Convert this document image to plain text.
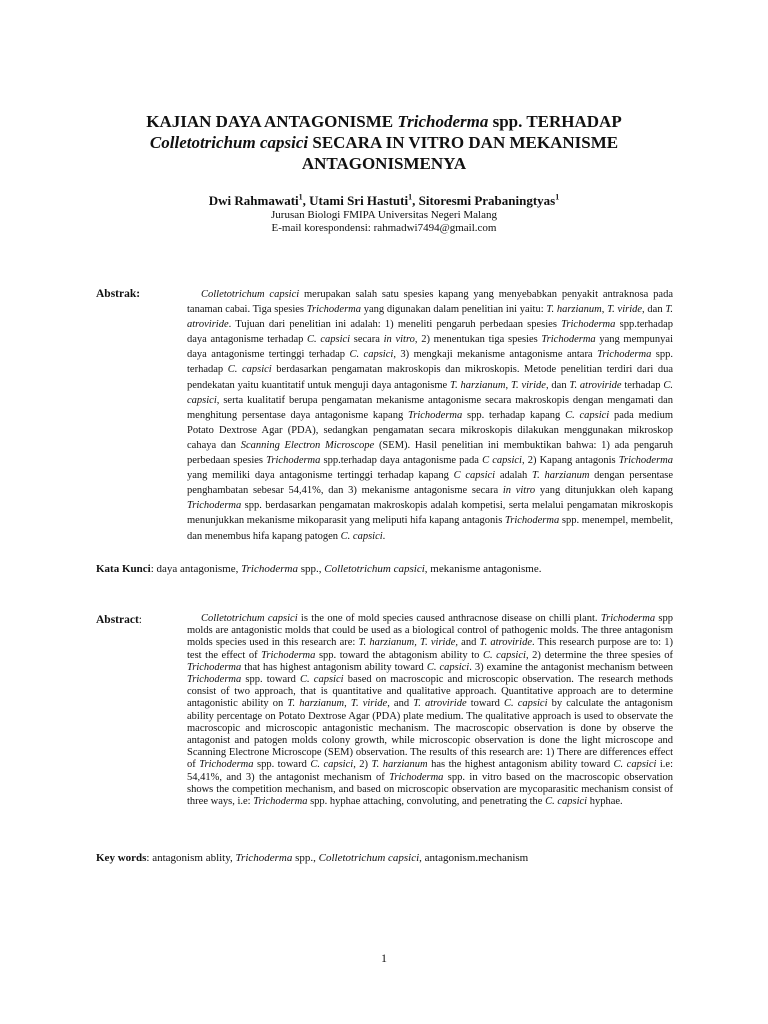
KAJIAN DAYA ANTAGONISME Trichoderma spp. TERHADAP
Colletotrichum capsici SECARA IN VITRO DAN MEKANISME
ANTAGONISMENYA
Dwi Rahmawati$^1$, Utami Sri Hastuti$^1$, Sitoresmi Prabaningtyas$^1$
Jurusan Biologi FMIPA Universitas Negeri Malang
E-mail korespondensi: rahmadwi7494@gmail.com
Abstrak:	Colletotrichum capsici merupakan salah satu spesies kapang yang menyebabkan penyakit antraknosa pada tanaman cabai. Tiga spesies Trichoderma yang digunakan dalam penelitian ini yaitu: T. harzianum, T. viride, dan T. atroviride. Tujuan dari penelitian ini adalah: 1) meneliti pengaruh perbedaan spesies Trichoderma spp.terhadap daya antagonisme terhadap C. capsici secara in vitro, 2) menentukan tiga spesies Trichoderma yang mempunyai daya antagonisme tertinggi terhadap C. capsici, 3) mengkaji mekanisme antagonisme antara Trichoderma spp. terhadap C. capsici berdasarkan pengamatan makroskopis dan mikroskopis. Metode penelitian terdiri dari dua pendekatan yaitu kuantitatif untuk menguji daya antagonisme T. harzianum, T. viride, dan T. atroviride terhadap C. capsici, serta kualitatif berupa pengamatan mekanisme antagonisme secara makroskopis dengan mengamati dan menghitung persentase daya antagonisme kapang Trichoderma spp. terhadap kapang C. capsici pada medium Potato Dextrose Agar (PDA), sedangkan pengamatan secara mikroskopis dilakukan menggunakan mikroskop cahaya dan Scanning Electron Microscope (SEM). Hasil penelitian ini membuktikan bahwa: 1) ada pengaruh perbedaan spesies Trichoderma spp.terhadap daya antagonisme pada C capsici, 2) Kapang antagonis Trichoderma yang memiliki daya antagonisme tertinggi terhadap kapang C capsici adalah T. harzianum dengan persentase penghambatan sebesar 54,41%, dan 3) mekanisme antagonisme secara in vitro yang ditunjukkan oleh kapang Trichoderma spp. berdasarkan pengamatan makroskopis adalah kompetisi, serta melalui pengamatan mikroskopis menunjukkan mekanisme mikoparasit yang meliputi hifa kapang antagonis Trichoderma spp. menempel, membelit, dan menembus hifa kapang patogen C. capsici.

Kata Kunci: daya antagonisme, Trichoderma spp., Colletotrichum capsici, mekanisme antagonisme.
Abstract:	Colletotrichum capsici is the one of mold species caused anthracnose disease on chilli plant. Trichoderma spp molds are antagonistic molds that could be used as a biological control of pathogenic molds. The three antagonism molds species used in this research are: T. harzianum, T. viride, and T. atroviride. This research purpose are to: 1) test the effect of Trichoderma spp. toward the abtagonism ability to C. capsici, 2) determine the three spesies of Trichoderma that has highest antagonism ability toward C. capsici. 3) examine the antagonist mechanism between Trichoderma spp. toward C. capsici based on macroscopic and microscopic observation. The research methods consist of two approach, that is quantitative and qualitative approach. Quantitative approach are to determine antagonistic ability on T. harzianum, T. viride, and T. atroviride toward C. capsici by calculate the antagonism ability percentage on Potato Dextrose Agar (PDA) plate medium. The qualitative approach is used to observate the macroscopic and microscopic antagonistic mechanism. The macroscopic observation is done by observe the antagonist and patogen molds colony growth, while microscopic observation is done the light microscope and Scanning Electrone Microscope (SEM) observation. The results of this research are: 1) There are differences effect of Trichoderma spp. toward C. capsici, 2) T. harzianum has the highest antagonism ability toward C. capsici i.e: 54,41%, and 3) the antagonist mechanism of Trichoderma spp. in vitro based on the macroscopic observation shows the competition mechanism, and based on microscopic observation are mycoparasitic mechanism consist of three ways, i.e: Trichoderma spp. hyphae attaching, convoluting, and penetrating the C. capsici hyphae.

Key words: antagonism ablity, Trichoderma spp., Colletotrichum capsici, antagonism.mechanism
1
